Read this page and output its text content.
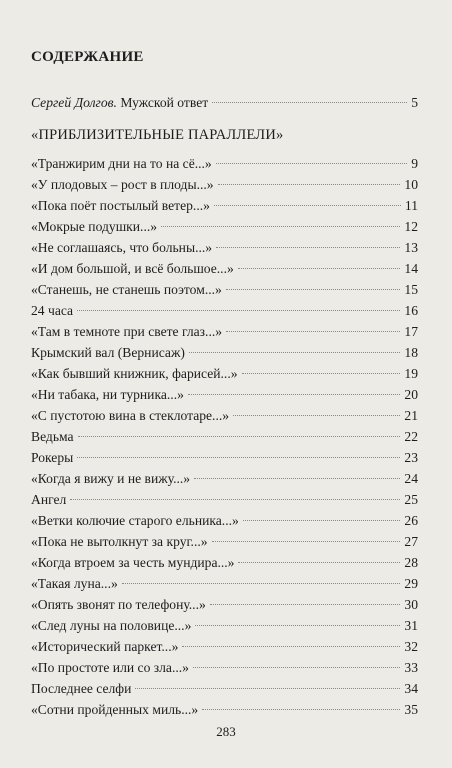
СОДЕРЖАНИЕ
Сергей Долгов. Мужской ответ	5
«ПРИБЛИЗИТЕЛЬНЫЕ ПАРАЛЛЕЛИ»
«Транжирим дни на то на сё...»	9
«У плодовых – рост в плоды...»	10
«Пока поёт постылый ветер...»	11
«Мокрые подушки...»	12
«Не соглашаясь, что больны...»	13
«И дом большой, и всё большое...»	14
«Станешь, не станешь поэтом...»	15
24 часа	16
«Там в темноте при свете глаз...»	17
Крымский вал (Вернисаж)	18
«Как бывший книжник, фарисей...»	19
«Ни табака, ни турника...»	20
«С пустотою вина в стеклотаре...»	21
Ведьма	22
Рокеры	23
«Когда я вижу и не вижу...»	24
Ангел	25
«Ветки колючие старого ельника...»	26
«Пока не вытолкнут за круг...»	27
«Когда втроем за честь мундира...»	28
«Такая луна...»	29
«Опять звонят по телефону...»	30
«След луны на половице...»	31
«Исторический паркет...»	32
«По простоте или со зла...»	33
Последнее селфи	34
«Сотни пройденных миль...»	35
283
